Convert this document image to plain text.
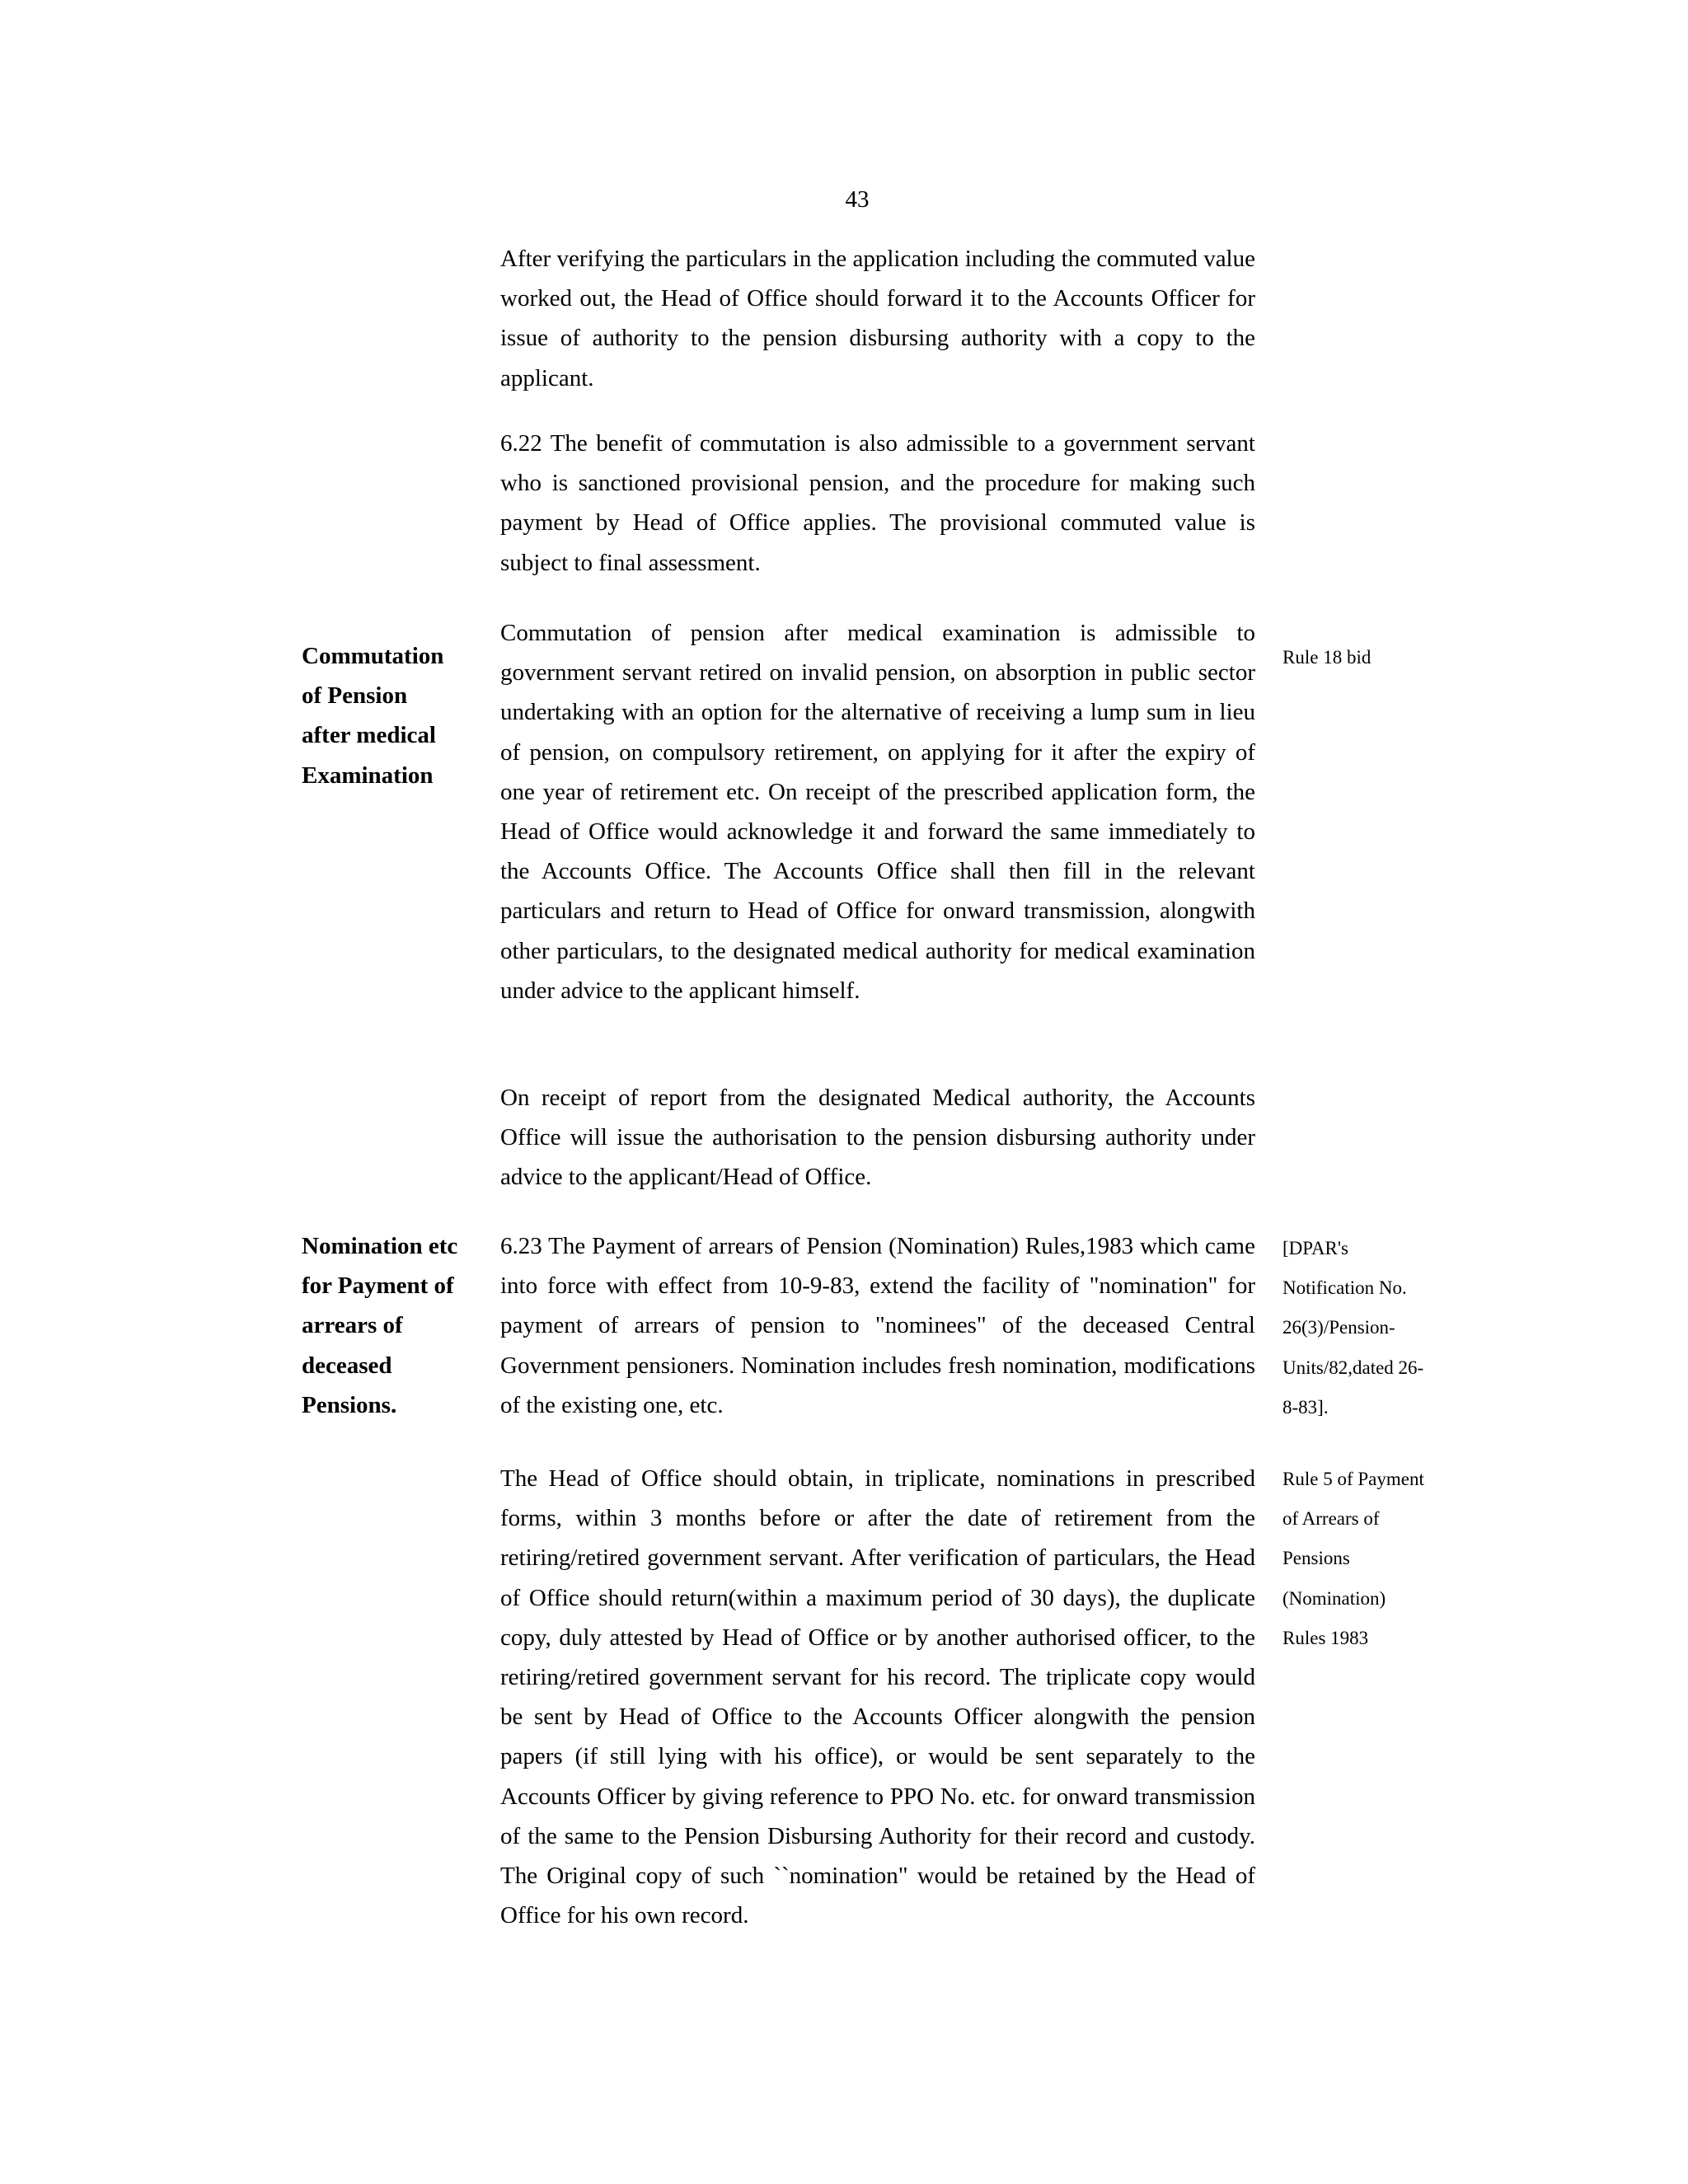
43

After verifying the particulars in the application including the commuted value worked out, the Head of Office should forward it to the Accounts Officer for issue of authority to the pension disbursing authority with a copy to the applicant.

6.22 The benefit of commutation is also admissible to a government servant who is sanctioned provisional pension, and the procedure for making such payment by Head of Office applies. The provisional commuted value is subject to final assessment.

Commutation
of Pension
after medical
Examination

Commutation of pension after medical examination is admissible to government servant retired on invalid pension, on absorption in public sector undertaking with an option for the alternative of receiving a lump sum in lieu of pension, on compulsory retirement, on applying for it after the expiry of one year of retirement etc. On receipt of the prescribed application form, the Head of Office would acknowledge it and forward the same immediately to the Accounts Office. The Accounts Office shall then fill in the relevant particulars and return to Head of Office for onward transmission, alongwith other particulars, to the designated medical authority for medical examination under advice to the applicant himself.

Rule 18 bid

On receipt of report from the designated Medical authority, the Accounts Office will issue the authorisation to the pension disbursing authority under advice to the applicant/Head of Office.

Nomination etc
for Payment of
arrears of
deceased
Pensions.

6.23 The Payment of arrears of Pension (Nomination) Rules,1983 which came into force with effect from 10-9-83, extend the facility of "nomination" for payment of arrears of pension to "nominees" of the deceased Central Government pensioners. Nomination includes fresh nomination, modifications of the existing one, etc.

[DPAR's
Notification No.
26(3)/Pension-
Units/82,dated 26-
8-83].

The Head of Office should obtain, in triplicate, nominations in prescribed forms, within 3 months before or after the date of retirement from the retiring/retired government servant. After verification of particulars, the Head of Office should return(within a maximum period of 30 days), the duplicate copy, duly attested by Head of Office or by another authorised officer, to the retiring/retired government servant for his record. The triplicate copy would be sent by Head of Office to the Accounts Officer alongwith the pension papers (if still lying with his office), or would be sent separately to the Accounts Officer by giving reference to PPO No. etc. for onward transmission of the same to the Pension Disbursing Authority for their record and custody. The Original copy of such ``nomination" would be retained by the Head of Office for his own record.

Rule 5 of Payment
of Arrears of
Pensions
(Nomination)
Rules 1983
